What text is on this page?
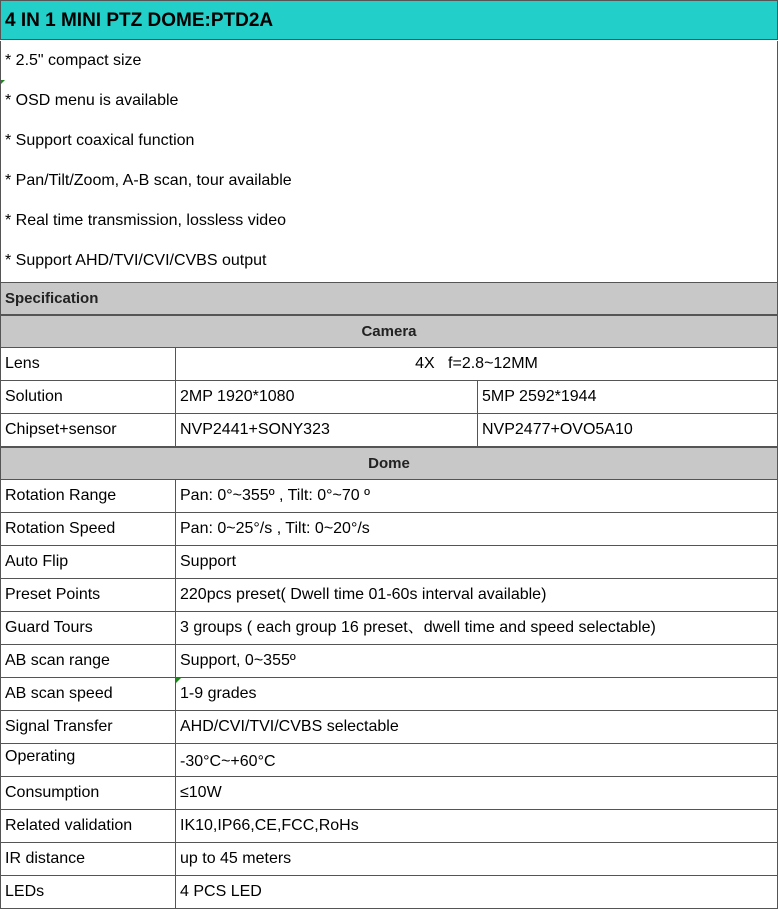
4 IN 1 MINI PTZ DOME:PTD2A
* 2.5" compact size
* OSD menu is available
* Support coaxical function
* Pan/Tilt/Zoom, A-B scan, tour available
* Real time transmission, lossless video
* Support AHD/TVI/CVI/CVBS output
Specification
Camera
Lens	4X   f=2.8~12MM
Solution	2MP 1920*1080	5MP 2592*1944
Chipset+sensor	NVP2441+SONY323	NVP2477+OVO5A10
Dome
Rotation Range	Pan: 0°~355º , Tilt: 0°~70 º
Rotation Speed	Pan: 0~25°/s , Tilt: 0~20°/s
Auto Flip	Support
Preset Points	220pcs preset( Dwell time 01-60s interval available)
Guard Tours	3 groups ( each group 16 preset、dwell time and speed selectable)
AB scan range	Support, 0~355º
AB scan speed	1-9 grades
Signal Transfer	AHD/CVI/TVI/CVBS selectable
Operating	-30°C~+60°C
Consumption	≤10W
Related validation	IK10,IP66,CE,FCC,RoHs
IR distance	up to 45 meters
LEDs	4 PCS LED
